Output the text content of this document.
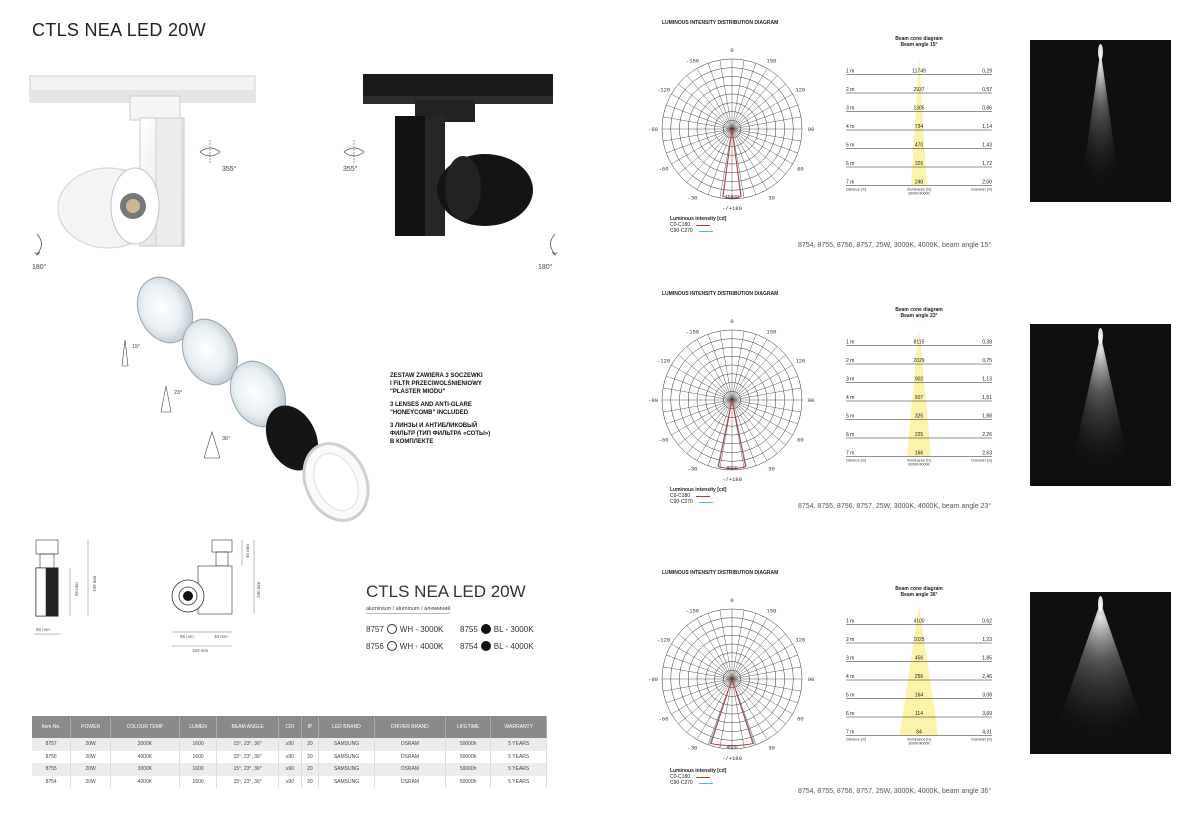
CTLS NEA LED 20W
355°
180°
355°
180°
15°
23°
36°

ZESTAW ZAWIERA 3 SOCZEWKI
I FILTR PRZECIWOLŚNIENIOWY
"PLASTER MIODU"

3 LENSES AND ANTI-GLARE
"HONEYCOMB" INCLUDED

3 ЛИНЗЫ И АНТИБЛИКОВЫЙ
ФИЛЬТР (ТИП ФИЛЬТРА «СОТЫ»)
В КОМПЛЕКТЕ

96 mm	190 mm
50 mm
40 mm
190 mm
96 mm	40 mm
150 mm
CTLS NEA LED 20W
aluminium / aluminum / алюминий
8757 WH - 3000K 8755 BL - 3000K
8756 WH - 4000K 8754 BL - 4000K
Item No.	POWER	COLOUR TEMP	LUMEN	BEAM ANGLE	CRI	IP	LED BRAND	DRIVER BRAND	LIFETIME	WARRANTY
8757	20W	3000K	1600	15°, 23°, 36°	≥90	20	SAMSUNG	OSRAM	50000h	5 YEARS
8756	20W	4000K	1600	15°, 23°, 36°	≥90	20	SAMSUNG	OSRAM	50000h	5 YEARS
8755	20W	3000K	1600	15°, 23°, 36°	≥90	20	SAMSUNG	OSRAM	50000h	5 YEARS
8754	20W	4000K	1600	15°, 23°, 36°	≥90	20	SAMSUNG	OSRAM	50000h	5 YEARS
LUMINOUS INTENSITY DISTRIBUTION DIAGRAM
-/+180
-150	150
-120	120
-90	90
-60	60
-30	30
0
15800
Luminous intensity [cd]
C0-C180
C90-C270
Beam cone diagram
Beam angle 15°
1 m	11749	0,29
2 m	2937	0,57
3 m	1305	0,86
4 m	734	1,14
5 m	470	1,43
6 m	326	1,72
7 m	240	2,00
Distance [m]	Illuminance [lx]
3000K/4000K
Diameter [m]
8754, 8755, 8756, 8757, 25W, 3000K, 4000K, beam angle 15°
LUMINOUS INTENSITY DISTRIBUTION DIAGRAM
-/+180
-150	150
-120	120
-90	90
-60	60
-30	30
0
8500
Luminous intensity [cd]
C0-C180
C90-C270
Beam cone diagram
Beam angle 23°
1 m	8115	0,38
2 m	2029	0,75
3 m	902	1,13
4 m	507	1,51
5 m	325	1,88
6 m	225	2,26
7 m	166	2,63
Distance [m]	Illuminance [lx]
3000K/4000K
Diameter [m]
8754, 8755, 8756, 8757, 25W, 3000K, 4000K, beam angle 23°
LUMINOUS INTENSITY DISTRIBUTION DIAGRAM
-/+180
-150	150
-120	120
-90	90
-60	60
-30	30
0
4500
Luminous intensity [cd]
C0-C180
C90-C270
Beam cone diagram
Beam angle 36°
1 m	4100	0,62
2 m	1025	1,23
3 m	456	1,85
4 m	256	2,46
5 m	164	3,08
6 m	114	3,69
7 m	84	4,31
Distance [m]	Illuminance [lx]
3000K/4000K
Diameter [m]
8754, 8755, 8756, 8757, 25W, 3000K, 4000K, beam angle 36°
